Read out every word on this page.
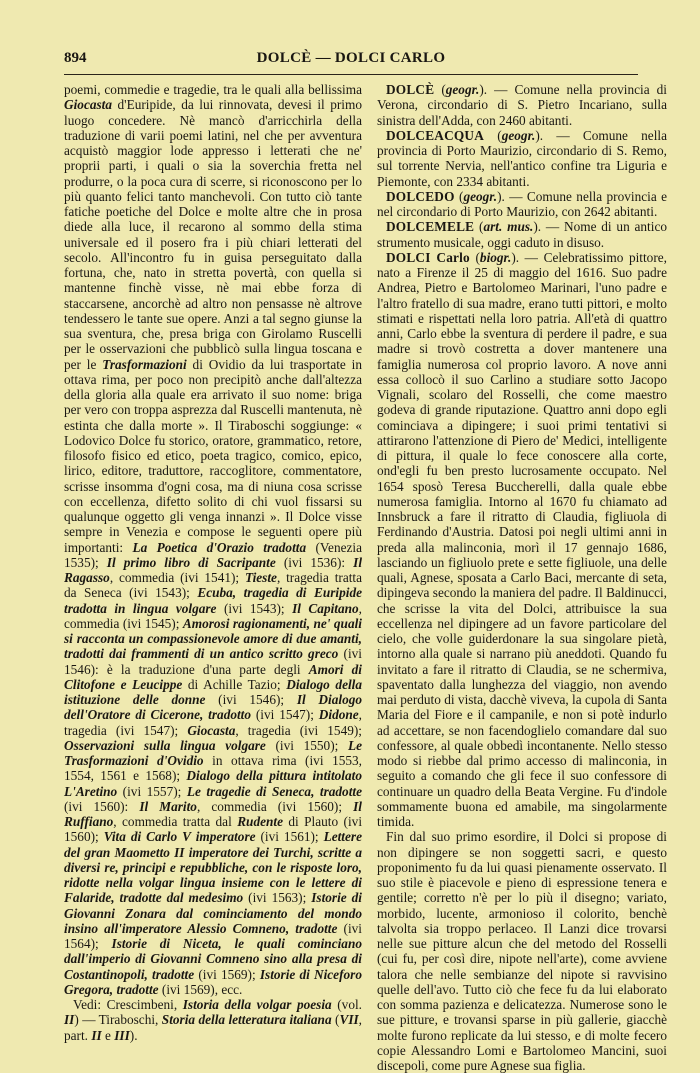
894	DOLCÈ — DOLCI CARLO

poemi, commedie e tragedie, tra le quali alla bellissima Giocasta d'Euripide, da lui rinnovata, devesi il primo luogo concedere. Nè mancò d'arricchirla della traduzione di varii poemi latini, nel che per avventura acquistò maggior lode appresso i letterati che ne' proprii parti, i quali o sia la soverchia fretta nel produrre, o la poca cura di scerre, si riconoscono per lo più quanto felici tanto manchevoli. Con tutto ciò tante fatiche poetiche del Dolce e molte altre che in prosa diede alla luce, il recarono al sommo della stima universale ed il posero fra i più chiari letterati del secolo. All'incontro fu in guisa perseguitato dalla fortuna, che, nato in stretta povertà, con quella si mantenne finchè visse, nè mai ebbe forza di staccarsene, ancorchè ad altro non pensasse nè altrove tendessero le tante sue opere. Anzi a tal segno giunse la sua sventura, che, presa briga con Girolamo Ruscelli per le osservazioni che pubblicò sulla lingua toscana e per le Trasformazioni di Ovidio da lui trasportate in ottava rima, per poco non precipitò anche dall'altezza della gloria alla quale era arrivato il suo nome: briga per vero con troppa asprezza dal Ruscelli mantenuta, nè estinta che dalla morte ». Il Tiraboschi soggiunge: « Lodovico Dolce fu storico, oratore, grammatico, retore, filosofo fisico ed etico, poeta tragico, comico, epico, lirico, editore, traduttore, raccoglitore, commentatore, scrisse insomma d'ogni cosa, ma di niuna cosa scrisse con eccellenza, difetto solito di chi vuol fissarsi su qualunque oggetto gli venga innanzi ». Il Dolce visse sempre in Venezia e compose le seguenti opere più importanti: La Poetica d'Orazio tradotta (Venezia 1535); Il primo libro di Sacripante (ivi 1536): Il Ragasso, commedia (ivi 1541); Tieste, tragedia tratta da Seneca (ivi 1543); Ecuba, tragedia di Euripide tradotta in lingua volgare (ivi 1543); Il Capitano, commedia (ivi 1545); Amorosi ragionamenti, ne' quali si racconta un compassionevole amore di due amanti, tradotti dai frammenti di un antico scritto greco (ivi 1546): è la traduzione d'una parte degli Amori di Clitofone e Leucippe di Achille Tazio; Dialogo della istituzione delle donne (ivi 1546); Il Dialogo dell'Oratore di Cicerone, tradotto (ivi 1547); Didone, tragedia (ivi 1547); Giocasta, tragedia (ivi 1549); Osservazioni sulla lingua volgare (ivi 1550); Le Trasformazioni d'Ovidio in ottava rima (ivi 1553, 1554, 1561 e 1568); Dialogo della pittura intitolato L'Aretino (ivi 1557); Le tragedie di Seneca, tradotte (ivi 1560): Il Marito, commedia (ivi 1560); Il Ruffiano, commedia tratta dal Rudente di Plauto (ivi 1560); Vita di Carlo V imperatore (ivi 1561); Lettere del gran Maometto II imperatore dei Turchi, scritte a diversi re, principi e repubbliche, con le risposte loro, ridotte nella volgar lingua insieme con le lettere di Falaride, tradotte dal medesimo (ivi 1563); Istorie di Giovanni Zonara dal cominciamento del mondo insino all'imperatore Alessio Comneno, tradotte (ivi 1564); Istorie di Niceta, le quali cominciano dall'imperio di Giovanni Comneno sino alla presa di Costantinopoli, tradotte (ivi 1569); Istorie di Niceforo Gregora, tradotte (ivi 1569), ecc.

Vedi: Crescimbeni, Istoria della volgar poesia (vol. II) — Tiraboschi, Storia della letteratura italiana (VII, part. II e III).

DOLCÈ (geogr.). — Comune nella provincia di Verona, circondario di S. Pietro Incariano, sulla sinistra dell'Adda, con 2460 abitanti.

DOLCEACQUA (geogr.). — Comune nella provincia di Porto Maurizio, circondario di S. Remo, sul torrente Nervia, nell'antico confine tra Liguria e Piemonte, con 2334 abitanti.

DOLCEDO (geogr.). — Comune nella provincia e nel circondario di Porto Maurizio, con 2642 abitanti.

DOLCEMELE (art. mus.). — Nome di un antico strumento musicale, oggi caduto in disuso.

DOLCI Carlo (biogr.). — Celebratissimo pittore, nato a Firenze il 25 di maggio del 1616. Suo padre Andrea, Pietro e Bartolomeo Marinari, l'uno padre e l'altro fratello di sua madre, erano tutti pittori, e molto stimati e rispettati nella loro patria. All'età di quattro anni, Carlo ebbe la sventura di perdere il padre, e sua madre si trovò costretta a dover mantenere una famiglia numerosa col proprio lavoro. A nove anni essa collocò il suo Carlino a studiare sotto Jacopo Vignali, scolaro del Rosselli, che come maestro godeva di grande riputazione. Quattro anni dopo egli cominciava a dipingere; i suoi primi tentativi si attirarono l'attenzione di Piero de' Medici, intelligente di pittura, il quale lo fece conoscere alla corte, ond'egli fu ben presto lucrosamente occupato. Nel 1654 sposò Teresa Buccherelli, dalla quale ebbe numerosa famiglia. Intorno al 1670 fu chiamato ad Innsbruck a fare il ritratto di Claudia, figliuola di Ferdinando d'Austria. Datosi poi negli ultimi anni in preda alla malinconia, morì il 17 gennajo 1686, lasciando un figliuolo prete e sette figliuole, una delle quali, Agnese, sposata a Carlo Baci, mercante di seta, dipingeva secondo la maniera del padre. Il Baldinucci, che scrisse la vita del Dolci, attribuisce la sua eccellenza nel dipingere ad un favore particolare del cielo, che volle guiderdonare la sua singolare pietà, intorno alla quale si narrano più aneddoti. Quando fu invitato a fare il ritratto di Claudia, se ne schermiva, spaventato dalla lunghezza del viaggio, non avendo mai perduto di vista, dacchè viveva, la cupola di Santa Maria del Fiore e il campanile, e non si potè indurlo ad accettare, se non facendoglielo comandare dal suo confessore, al quale obbedì incontanente. Nello stesso modo si riebbe dal primo accesso di malinconia, in seguito a comando che gli fece il suo confessore di continuare un quadro della Beata Vergine. Fu d'indole sommamente buona ed amabile, ma singolarmente timida.

Fin dal suo primo esordire, il Dolci si propose di non dipingere se non soggetti sacri, e questo proponimento fu da lui quasi pienamente osservato. Il suo stile è piacevole e pieno di espressione tenera e gentile; corretto n'è per lo più il disegno; variato, morbido, lucente, armonioso il colorito, benchè talvolta sia troppo perlaceo. Il Lanzi dice trovarsi nelle sue pitture alcun che del metodo del Rosselli (cui fu, per così dire, nipote nell'arte), come avviene talora che nelle sembianze del nipote si ravvisino quelle dell'avo. Tutto ciò che fece fu da lui elaborato con somma pazienza e delicatezza. Numerose sono le sue pitture, e trovansi sparse in più gallerie, giacchè molte furono replicate da lui stesso, e di molte fecero copie Alessandro Lomi e Bartolomeo Mancini, suoi discepoli, come pure Agnese sua figlia.
